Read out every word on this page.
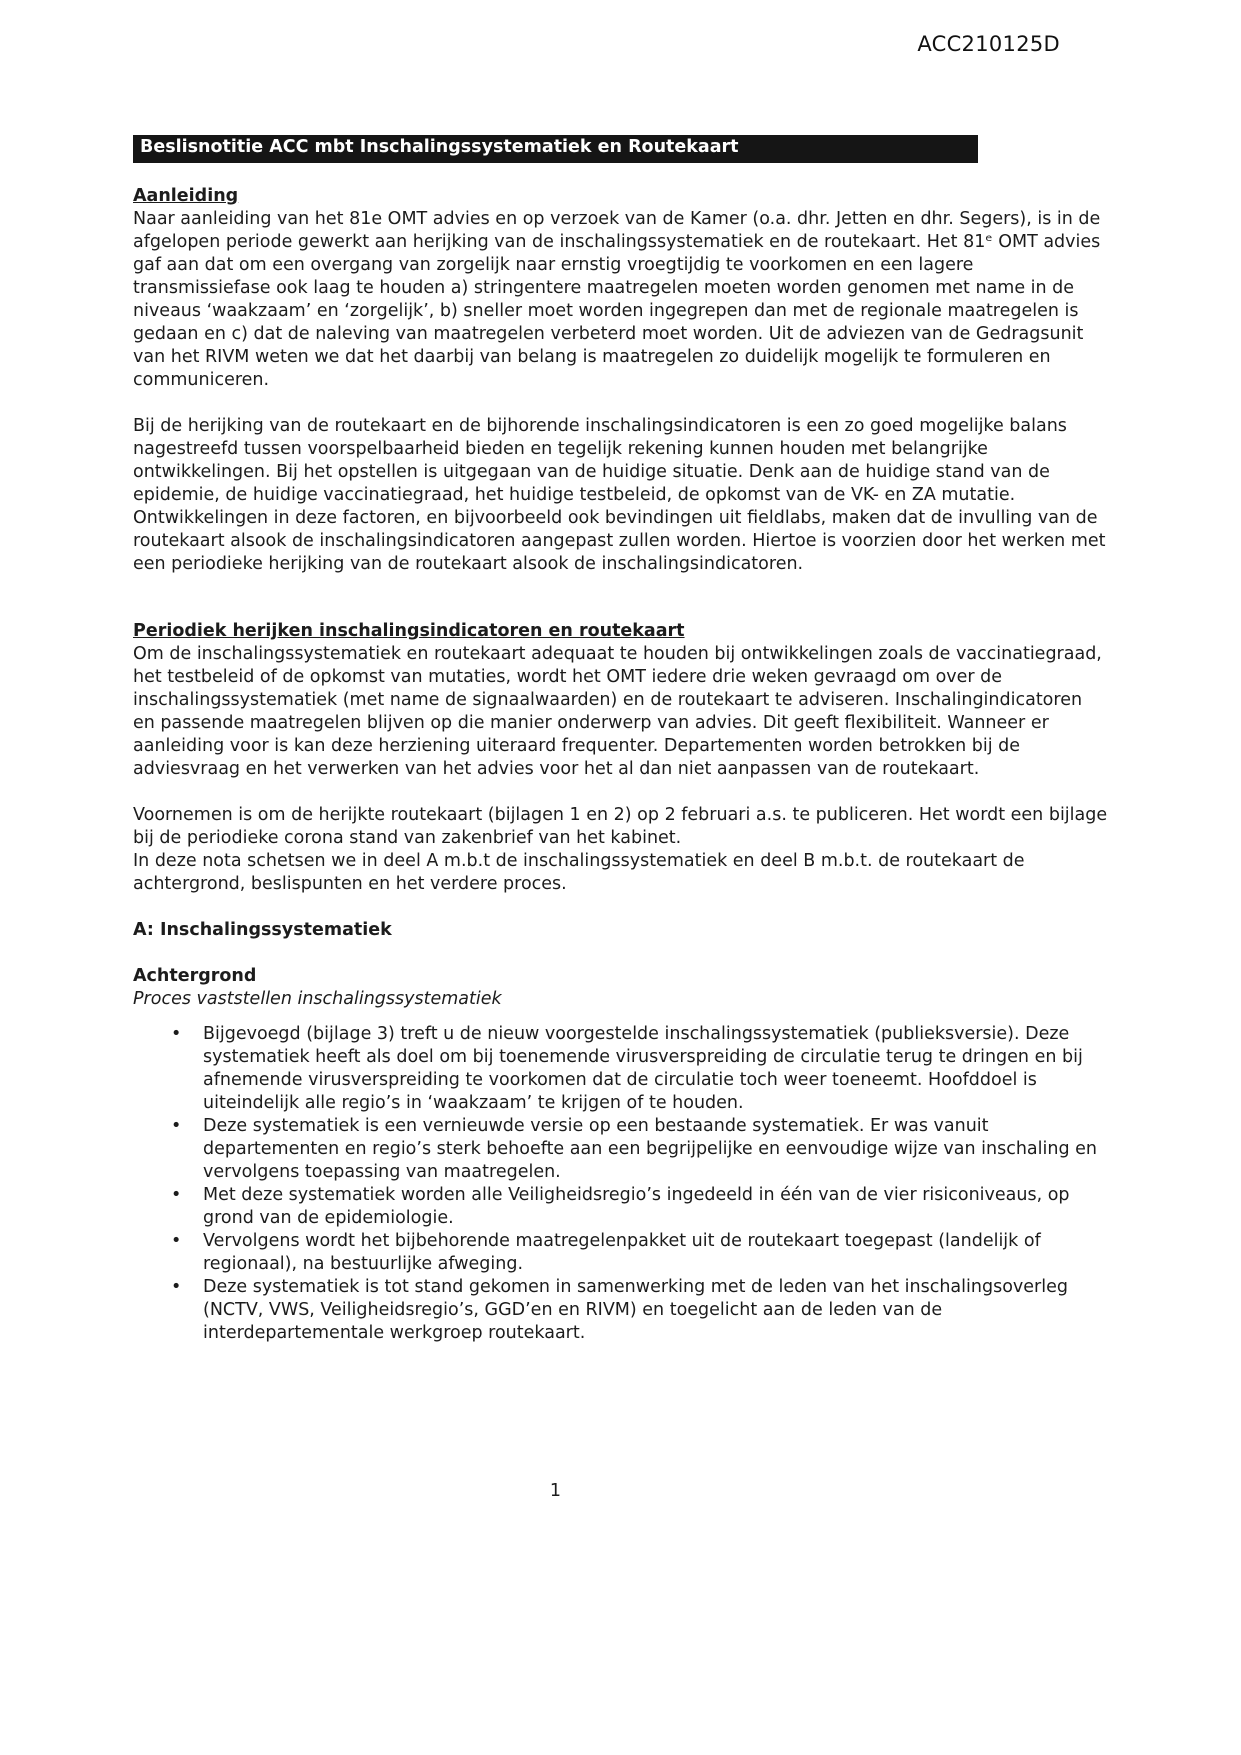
ACC210125D
Beslisnotitie ACC mbt Inschalingssystematiek en Routekaart
Aanleiding

Naar aanleiding van het 81e OMT advies en op verzoek van de Kamer (o.a. dhr. Jetten en dhr. Segers), is in de afgelopen periode gewerkt aan herijking van de inschalingssystematiek en de routekaart. Het 81ᵉ OMT advies gaf aan dat om een overgang van zorgelijk naar ernstig vroegtijdig te voorkomen en een lagere transmissiefase ook laag te houden a) stringentere maatregelen moeten worden genomen met name in de niveaus ‘waakzaam’ en ‘zorgelijk’, b) sneller moet worden ingegrepen dan met de regionale maatregelen is gedaan en c) dat de naleving van maatregelen verbeterd moet worden. Uit de adviezen van de Gedragsunit van het RIVM weten we dat het daarbij van belang is maatregelen zo duidelijk mogelijk te formuleren en communiceren.

Bij de herijking van de routekaart en de bijhorende inschalingsindicatoren is een zo goed mogelijke balans nagestreefd tussen voorspelbaarheid bieden en tegelijk rekening kunnen houden met belangrijke ontwikkelingen. Bij het opstellen is uitgegaan van de huidige situatie. Denk aan de huidige stand van de epidemie, de huidige vaccinatiegraad, het huidige testbeleid, de opkomst van de VK- en ZA mutatie. Ontwikkelingen in deze factoren, en bijvoorbeeld ook bevindingen uit fieldlabs, maken dat de invulling van de routekaart alsook de inschalingsindicatoren aangepast zullen worden. Hiertoe is voorzien door het werken met een periodieke herijking van de routekaart alsook de inschalingsindicatoren.

Periodiek herijken inschalingsindicatoren en routekaart

Om de inschalingssystematiek en routekaart adequaat te houden bij ontwikkelingen zoals de vaccinatiegraad, het testbeleid of de opkomst van mutaties, wordt het OMT iedere drie weken gevraagd om over de inschalingssystematiek (met name de signaalwaarden) en de routekaart te adviseren. Inschalingindicatoren en passende maatregelen blijven op die manier onderwerp van advies. Dit geeft flexibiliteit. Wanneer er aanleiding voor is kan deze herziening uiteraard frequenter. Departementen worden betrokken bij de adviesvraag en het verwerken van het advies voor het al dan niet aanpassen van de routekaart.

Voornemen is om de herijkte routekaart (bijlagen 1 en 2) op 2 februari a.s. te publiceren. Het wordt een bijlage bij de periodieke corona stand van zakenbrief van het kabinet.
In deze nota schetsen we in deel A m.b.t de inschalingssystematiek en deel B m.b.t. de routekaart de achtergrond, beslispunten en het verdere proces.

A: Inschalingssystematiek
Achtergrond
Proces vaststellen inschalingssystematiek
• Bijgevoegd (bijlage 3) treft u de nieuw voorgestelde inschalingssystematiek (publieksversie). Deze systematiek heeft als doel om bij toenemende virusverspreiding de circulatie terug te dringen en bij afnemende virusverspreiding te voorkomen dat de circulatie toch weer toeneemt. Hoofddoel is uiteindelijk alle regio’s in ‘waakzaam’ te krijgen of te houden.
• Deze systematiek is een vernieuwde versie op een bestaande systematiek. Er was vanuit departementen en regio’s sterk behoefte aan een begrijpelijke en eenvoudige wijze van inschaling en vervolgens toepassing van maatregelen.
• Met deze systematiek worden alle Veiligheidsregio’s ingedeeld in één van de vier risiconiveaus, op grond van de epidemiologie.
• Vervolgens wordt het bijbehorende maatregelenpakket uit de routekaart toegepast (landelijk of regionaal), na bestuurlijke afweging.
• Deze systematiek is tot stand gekomen in samenwerking met de leden van het inschalingsoverleg (NCTV, VWS, Veiligheidsregio’s, GGD’en en RIVM) en toegelicht aan de leden van de interdepartementale werkgroep routekaart.
1
